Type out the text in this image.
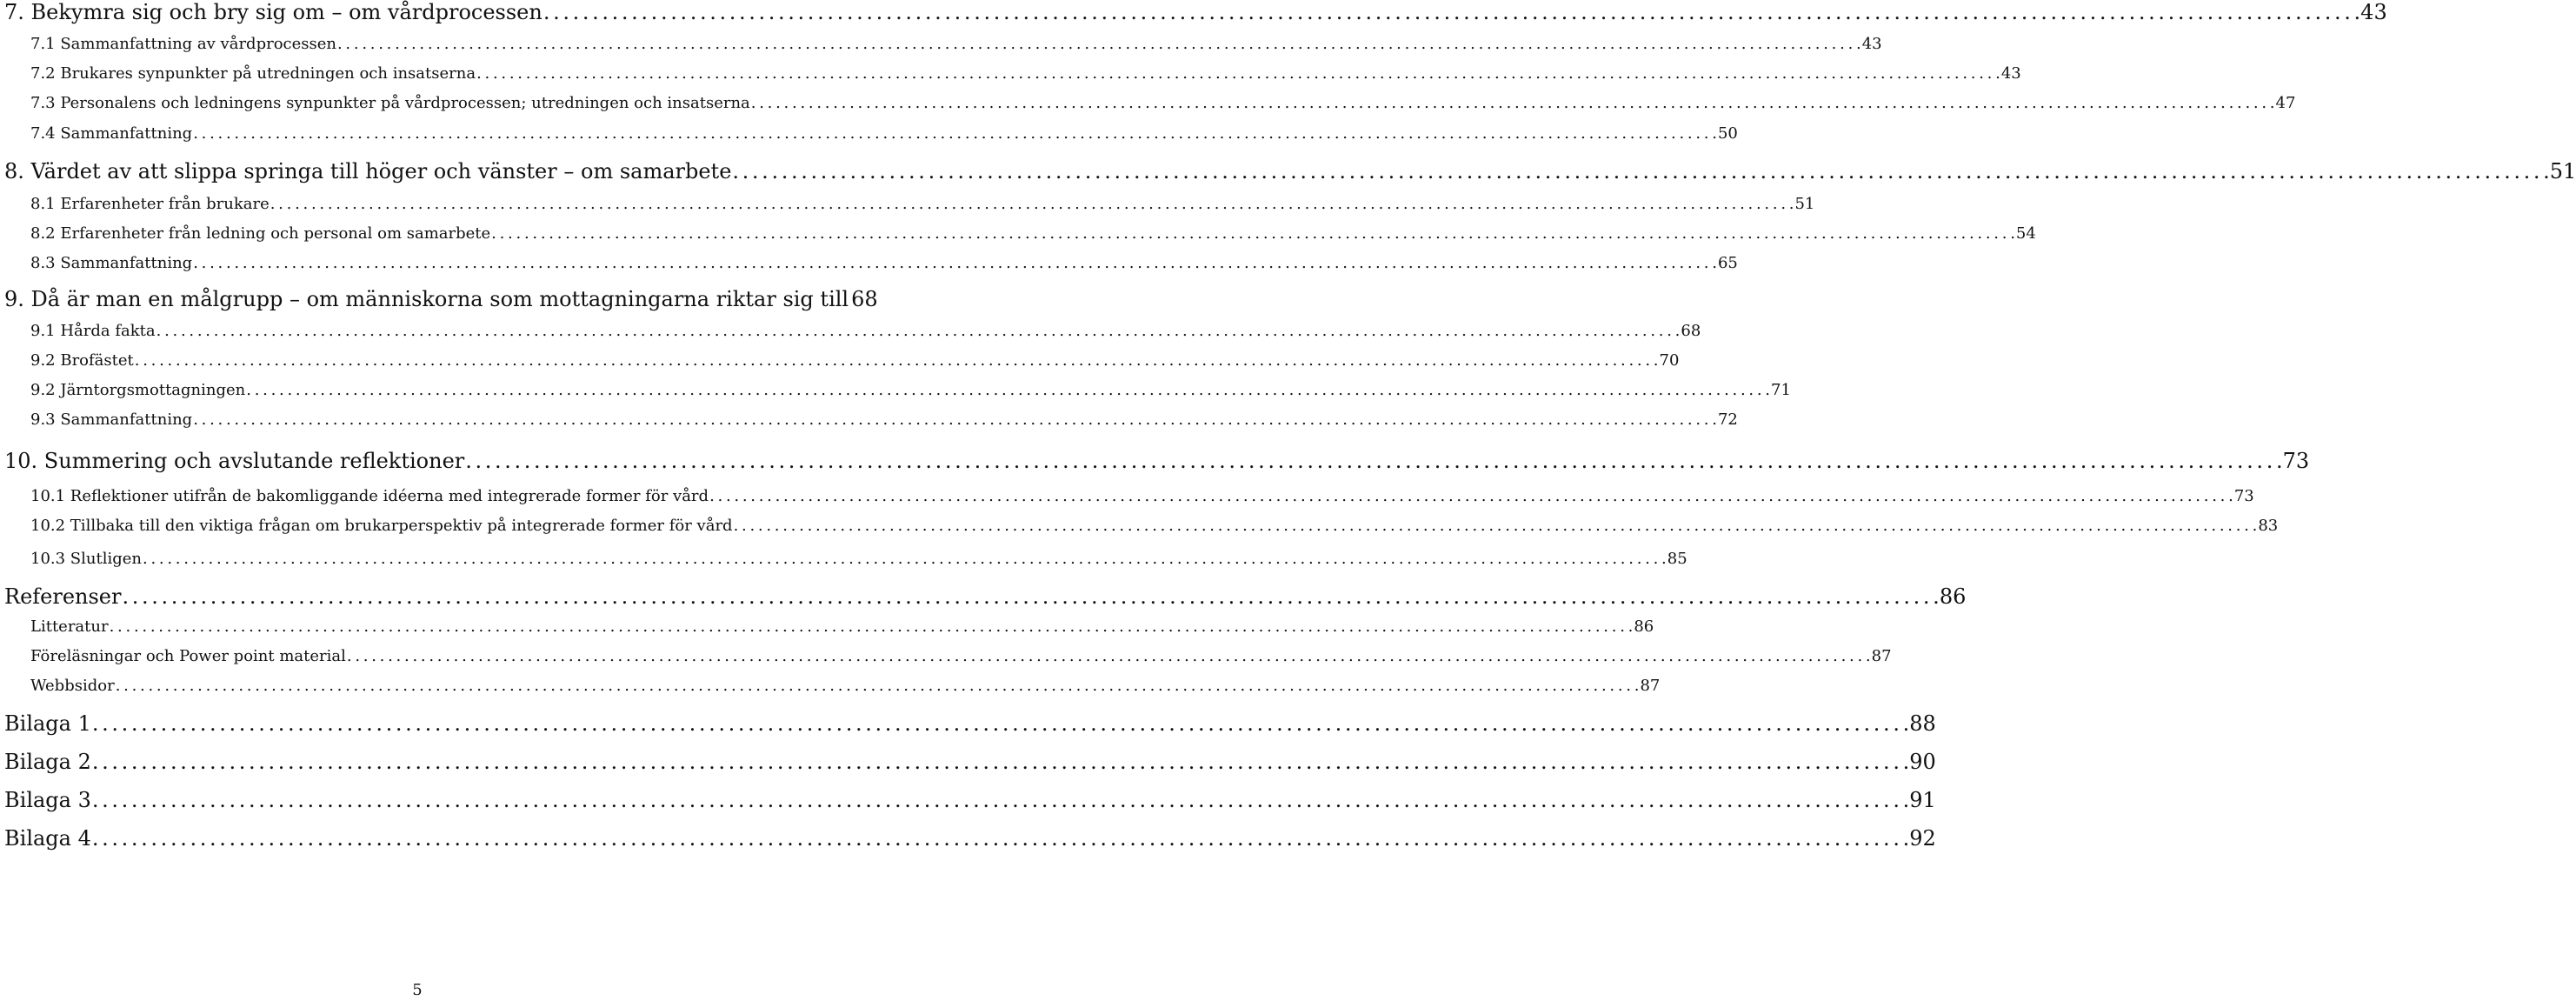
7. Bekymra sig och bry sig om – om vårdprocessen . . .	43
7.1 Sammanfattning av vårdprocessen . . .	43
7.2 Brukares synpunkter på utredningen och insatserna . . .	43
7.3 Personalens och ledningens synpunkter på vårdprocessen; utredningen och insatserna . . .	47
7.4 Sammanfattning . . .	50
8. Värdet av att slippa springa till höger och vänster – om samarbete . . .	51
8.1 Erfarenheter från brukare . . .	51
8.2 Erfarenheter från ledning och personal om samarbete . . .	54
8.3 Sammanfattning . . .	65
9. Då är man en målgrupp – om människorna som mottagningarna riktar sig till 68
9.1 Hårda fakta . . .	68
9.2 Brofästet . . .	70
9.2 Järntorgsmottagningen . . .	71
9.3 Sammanfattning . . .	72
10. Summering och avslutande reflektioner . . .	73
10.1 Reflektioner utifrån de bakomliggande idéerna med integrerade former för vård . . .	73
10.2 Tillbaka till den viktiga frågan om brukarperspektiv på integrerade former för vård . . .	83
10.3 Slutligen . . .	85
Referenser . . .	86
Litteratur . . .	86
Föreläsningar och Power point material . . .	87
Webbsidor . . .	87
Bilaga 1 . . .	88
Bilaga 2 . . .	90
Bilaga 3 . . .	91
Bilaga 4 . . .	92
5
